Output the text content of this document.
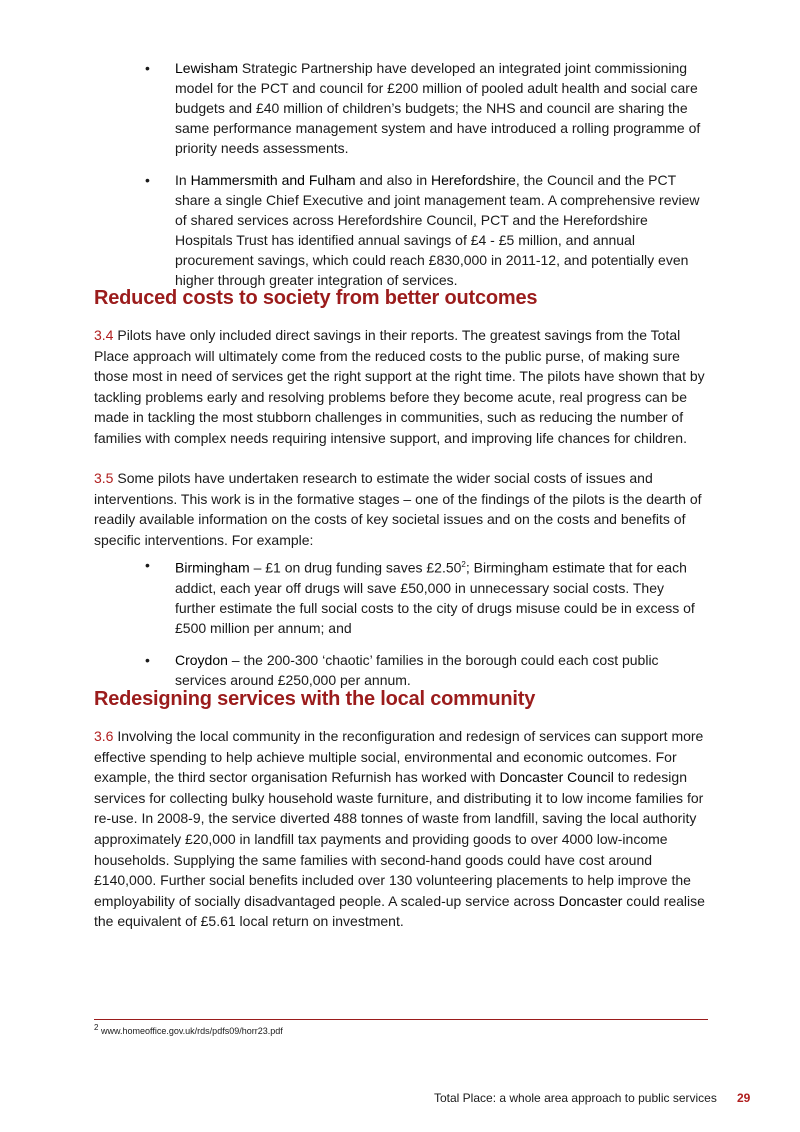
• Lewisham Strategic Partnership have developed an integrated joint commissioning model for the PCT and council for £200 million of pooled adult health and social care budgets and £40 million of children’s budgets; the NHS and council are sharing the same performance management system and have introduced a rolling programme of priority needs assessments.
• In Hammersmith and Fulham and also in Herefordshire, the Council and the PCT share a single Chief Executive and joint management team. A comprehensive review of shared services across Herefordshire Council, PCT and the Herefordshire Hospitals Trust has identified annual savings of £4 - £5 million, and annual procurement savings, which could reach £830,000 in 2011-12, and potentially even higher through greater integration of services.
Reduced costs to society from better outcomes

3.4 Pilots have only included direct savings in their reports. The greatest savings from the Total Place approach will ultimately come from the reduced costs to the public purse, of making sure those most in need of services get the right support at the right time. The pilots have shown that by tackling problems early and resolving problems before they become acute, real progress can be made in tackling the most stubborn challenges in communities, such as reducing the number of families with complex needs requiring intensive support, and improving life chances for children.

3.5 Some pilots have undertaken research to estimate the wider social costs of issues and interventions. This work is in the formative stages – one of the findings of the pilots is the dearth of readily available information on the costs of key societal issues and on the costs and benefits of specific interventions. For example:

• Birmingham – £1 on drug funding saves £2.50$^2$; Birmingham estimate that for each addict, each year off drugs will save £50,000 in unnecessary social costs. They further estimate the full social costs to the city of drugs misuse could be in excess of £500 million per annum; and
• Croydon – the 200-300 ‘chaotic’ families in the borough could each cost public services around £250,000 per annum.
Redesigning services with the local community

3.6 Involving the local community in the reconfiguration and redesign of services can support more effective spending to help achieve multiple social, environmental and economic outcomes. For example, the third sector organisation Refurnish has worked with Doncaster Council to redesign services for collecting bulky household waste furniture, and distributing it to low income families for re-use. In 2008-9, the service diverted 488 tonnes of waste from landfill, saving the local authority approximately £20,000 in landfill tax payments and providing goods to over 4000 low-income households. Supplying the same families with second-hand goods could have cost around £140,000. Further social benefits included over 130 volunteering placements to help improve the employability of socially disadvantaged people. A scaled-up service across Doncaster could realise the equivalent of £5.61 local return on investment.

$^2$ www.homeoffice.gov.uk/rds/pdfs09/horr23.pdf
Total Place: a whole area approach to public services 29
